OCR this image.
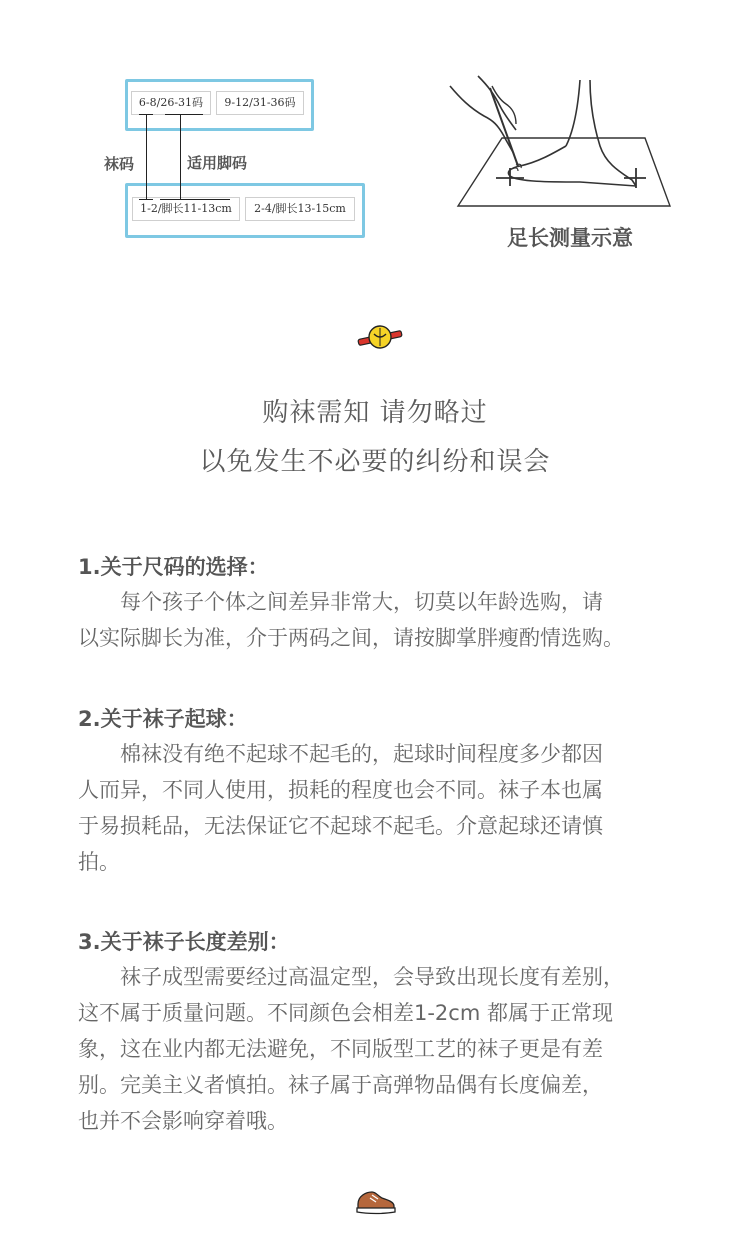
6-8/26-31码	9-12/31-36码
1-2/脚长11-13cm	2-4/脚长13-15cm
袜码	适用脚码
足长测量示意
购袜需知 请勿略过
以免发生不必要的纠纷和误会
1.关于尺码的选择：
　　每个孩子个体之间差异非常大，切莫以年龄选购，请
以实际脚长为准，介于两码之间，请按脚掌胖瘦酌情选购。
2.关于袜子起球：
　　棉袜没有绝不起球不起毛的，起球时间程度多少都因
人而异，不同人使用，损耗的程度也会不同。袜子本也属
于易损耗品，无法保证它不起球不起毛。介意起球还请慎
拍。
3.关于袜子长度差别：
　　袜子成型需要经过高温定型，会导致出现长度有差别，
这不属于质量问题。不同颜色会相差1-2cm 都属于正常现
象，这在业内都无法避免，不同版型工艺的袜子更是有差
别。完美主义者慎拍。袜子属于高弹物品偶有长度偏差，
也并不会影响穿着哦。
